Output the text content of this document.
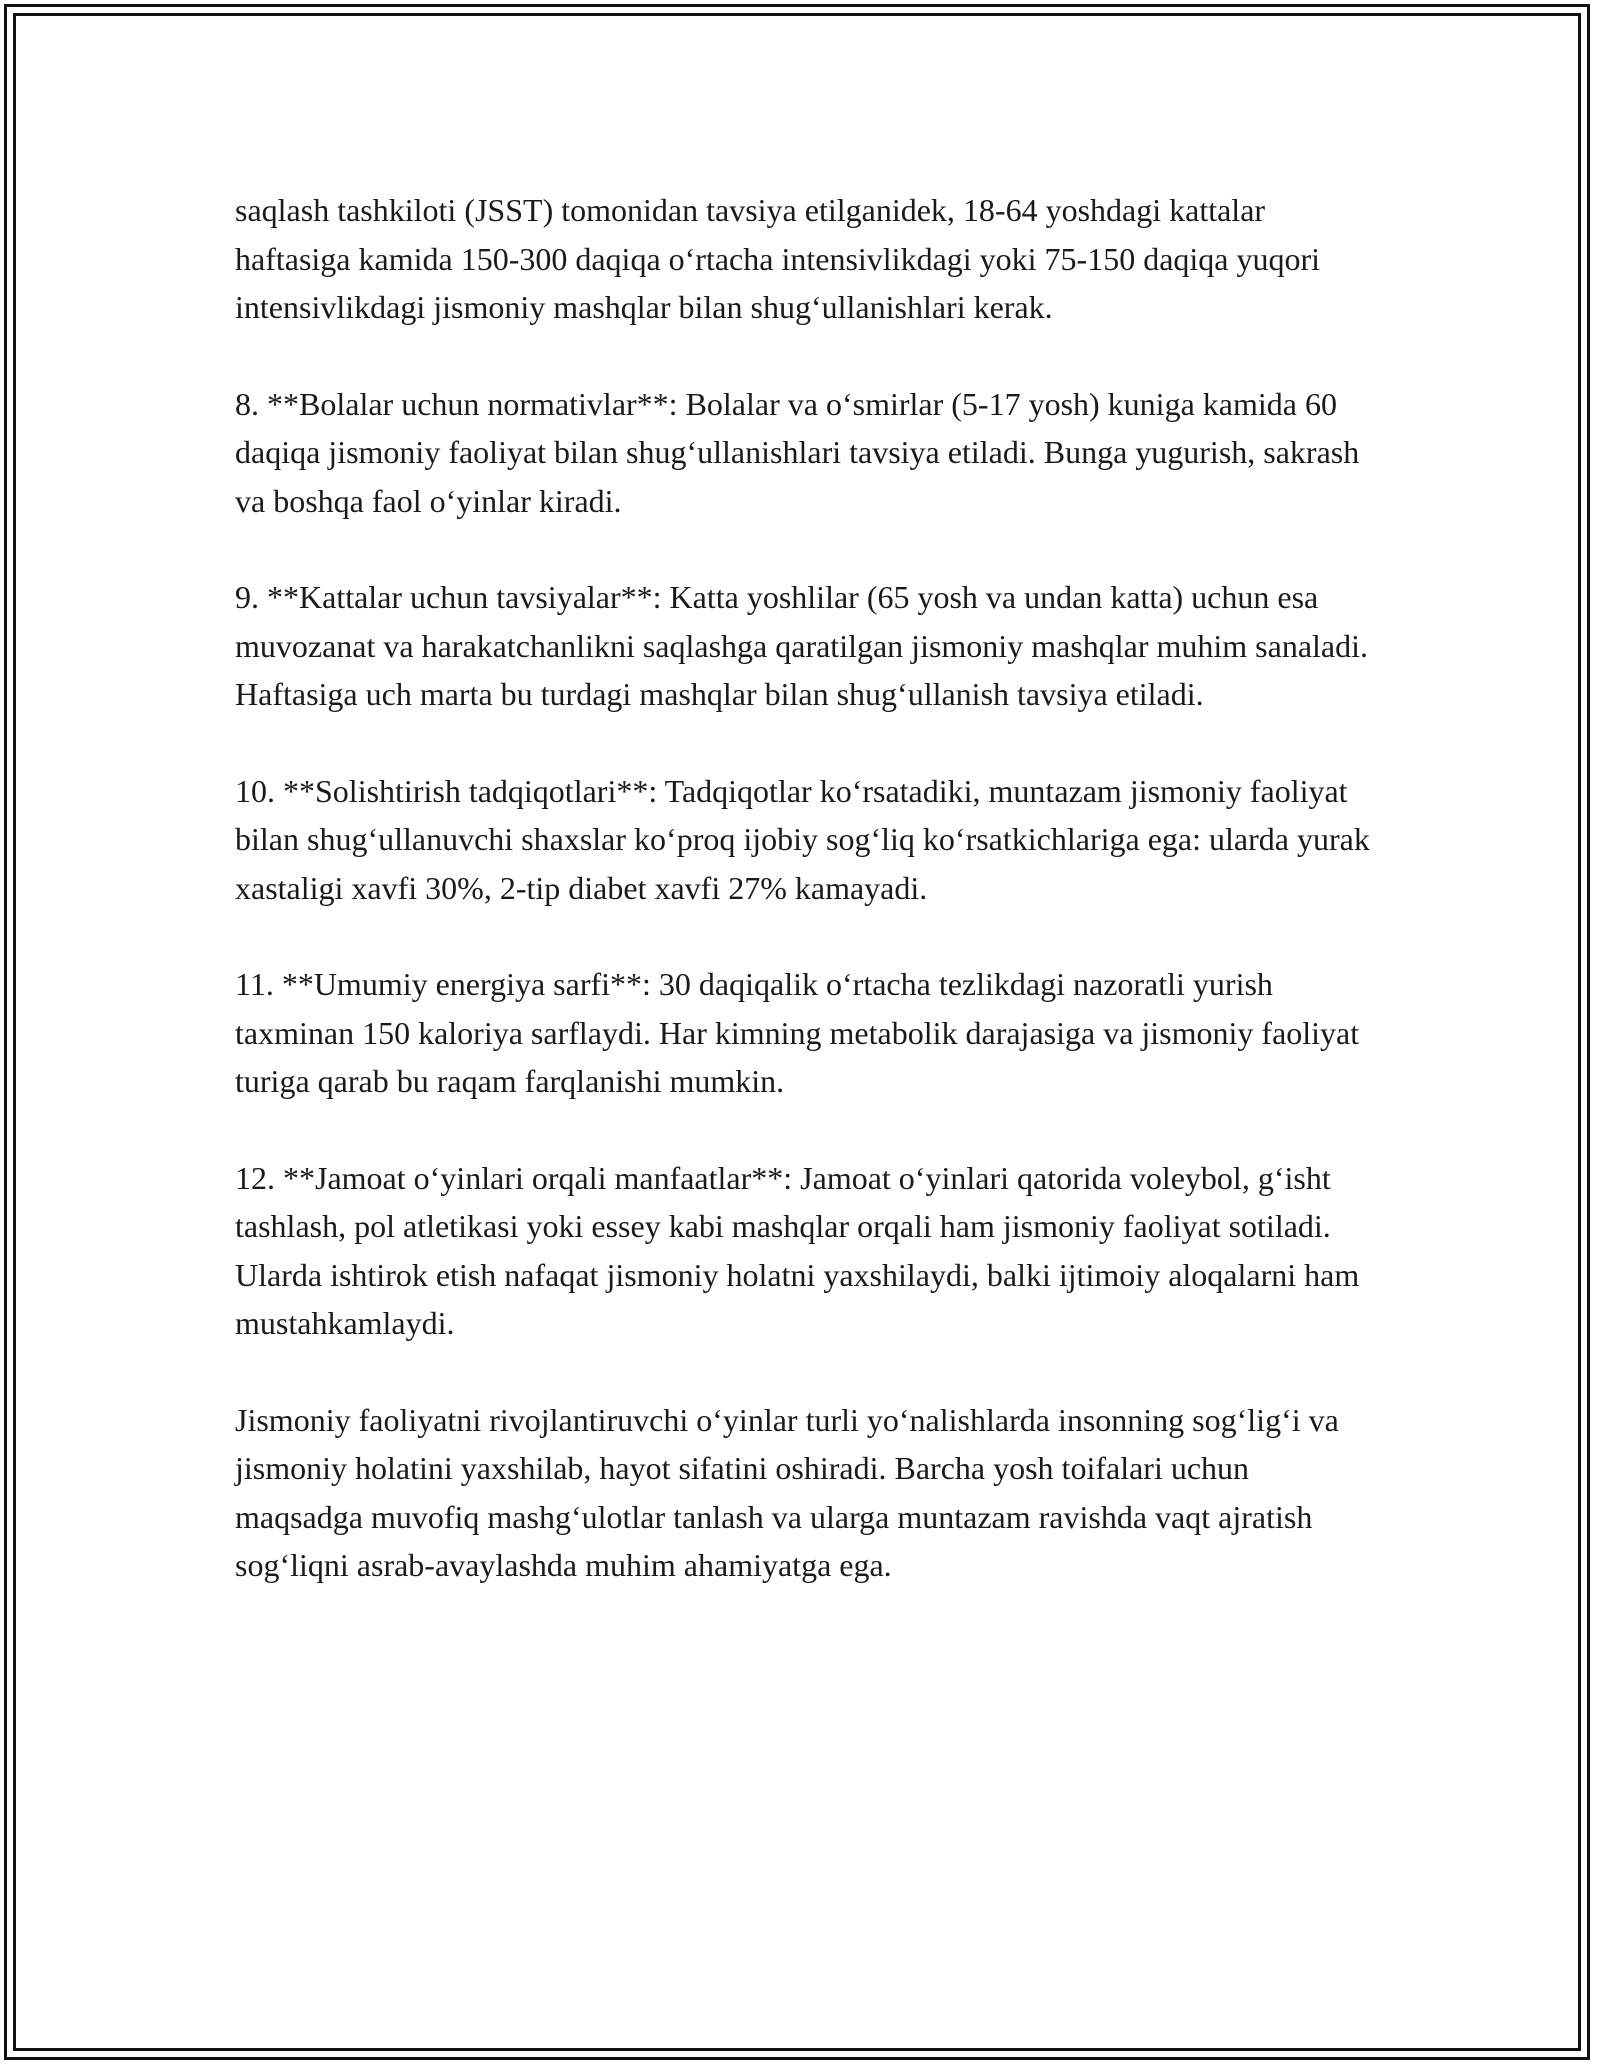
saqlash tashkiloti (JSST) tomonidan tavsiya etilganidek, 18-64 yoshdagi kattalar haftasiga kamida 150-300 daqiqa o‘rtacha intensivlikdagi yoki 75-150 daqiqa yuqori intensivlikdagi jismoniy mashqlar bilan shug‘ullanishlari kerak.

8. **Bolalar uchun normativlar**: Bolalar va o‘smirlar (5-17 yosh) kuniga kamida 60 daqiqa jismoniy faoliyat bilan shug‘ullanishlari tavsiya etiladi. Bunga yugurish, sakrash va boshqa faol o‘yinlar kiradi.

9. **Kattalar uchun tavsiyalar**: Katta yoshlilar (65 yosh va undan katta) uchun esa muvozanat va harakatchanlikni saqlashga qaratilgan jismoniy mashqlar muhim sanaladi. Haftasiga uch marta bu turdagi mashqlar bilan shug‘ullanish tavsiya etiladi.

10. **Solishtirish tadqiqotlari**: Tadqiqotlar ko‘rsatadiki, muntazam jismoniy faoliyat bilan shug‘ullanuvchi shaxslar ko‘proq ijobiy sog‘liq ko‘rsatkichlariga ega: ularda yurak xastaligi xavfi 30%, 2-tip diabet xavfi 27% kamayadi.

11. **Umumiy energiya sarfi**: 30 daqiqalik o‘rtacha tezlikdagi nazoratli yurish taxminan 150 kaloriya sarflaydi. Har kimning metabolik darajasiga va jismoniy faoliyat turiga qarab bu raqam farqlanishi mumkin.

12. **Jamoat o‘yinlari orqali manfaatlar**: Jamoat o‘yinlari qatorida voleybol, g‘isht tashlash, pol atletikasi yoki essey kabi mashqlar orqali ham jismoniy faoliyat sotiladi. Ularda ishtirok etish nafaqat jismoniy holatni yaxshilaydi, balki ijtimoiy aloqalarni ham mustahkamlaydi.

Jismoniy faoliyatni rivojlantiruvchi o‘yinlar turli yo‘nalishlarda insonning sog‘lig‘i va jismoniy holatini yaxshilab, hayot sifatini oshiradi. Barcha yosh toifalari uchun maqsadga muvofiq mashg‘ulotlar tanlash va ularga muntazam ravishda vaqt ajratish sog‘liqni asrab-avaylashda muhim ahamiyatga ega.
